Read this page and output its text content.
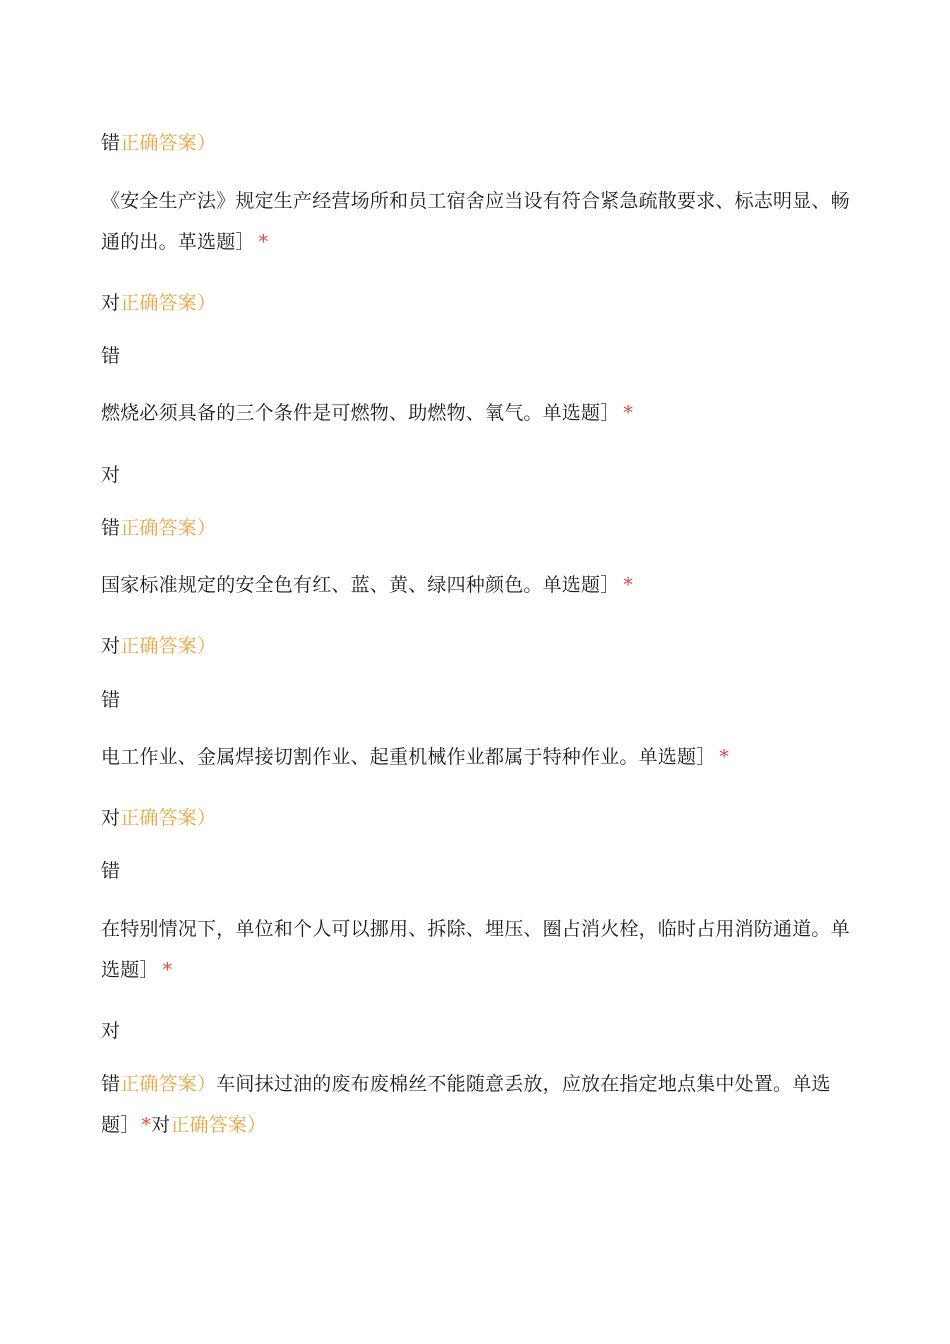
错正确答案）
《安全生产法》规定生产经营场所和员工宿舍应当设有符合紧急疏散要求、标志明显、畅
通的出。革选题］ *
对正确答案）
错
燃烧必须具备的三个条件是可燃物、助燃物、氧气。单选题］ *
对
错正确答案）
国家标准规定的安全色有红、蓝、黄、绿四种颜色。单选题］ *
对正确答案）
错
电工作业、金属焊接切割作业、起重机械作业都属于特种作业。单选题］ *
对正确答案）
错
在特别情况下，单位和个人可以挪用、拆除、埋压、圈占消火栓，临时占用消防通道。单
选题］ *
对
错正确答案）车间抹过油的废布废棉丝不能随意丢放，应放在指定地点集中处置。单选
题］ *对正确答案）
